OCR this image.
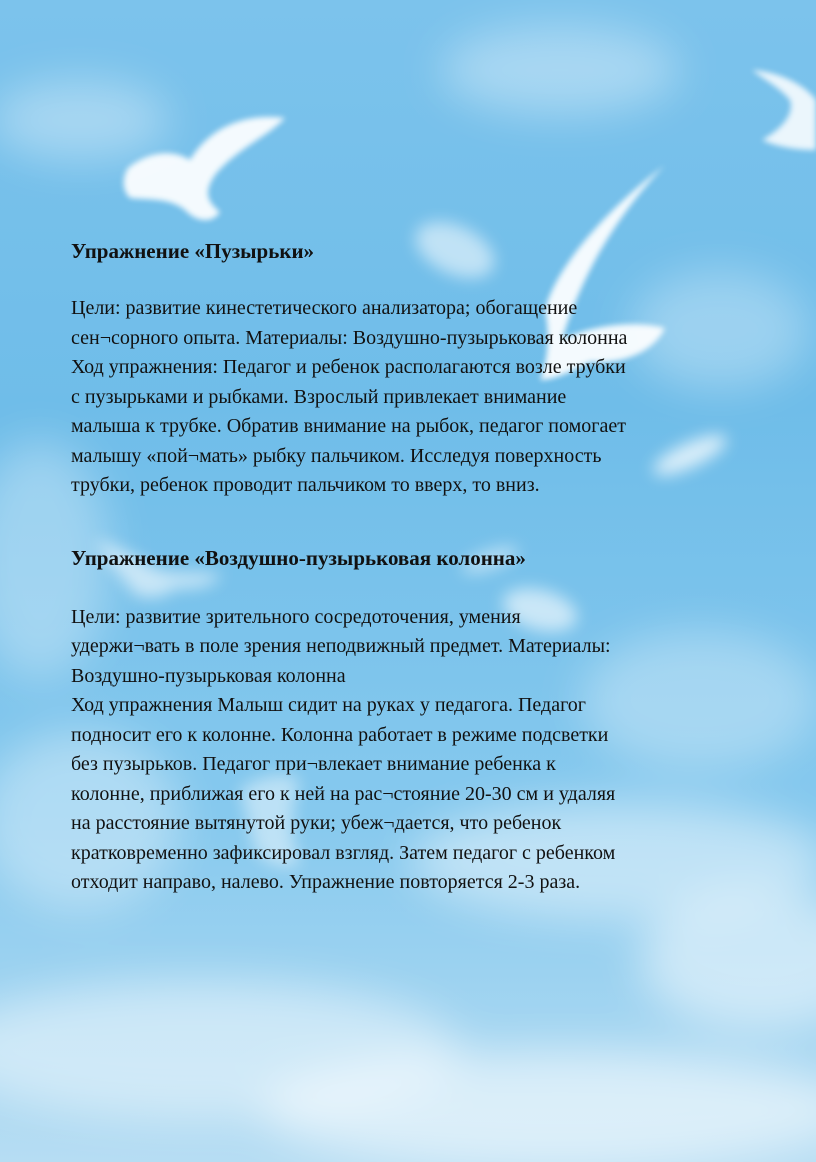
Упражнение «Пузырьки»

Цели: развитие кинестетического анализатора; обогащение сен¬сорного опыта. Материалы: Воздушно-пузырьковая колонна Ход упражнения: Педагог и ребенок располагаются возле трубки с пузырьками и рыбками. Взрослый привлекает внимание малыша к трубке. Обратив внимание на рыбок, педагог помогает малышу «пой¬мать» рыбку пальчиком. Исследуя поверхность трубки, ребенок проводит пальчиком то вверх, то вниз.

Упражнение «Воздушно-пузырьковая колонна»

Цели: развитие зрительного сосредоточения, умения удержи¬вать в поле зрения неподвижный предмет. Материалы: Воздушно-пузырьковая колонна

Ход упражнения Малыш сидит на руках у педагога. Педагог подносит его к колонне. Колонна работает в режиме подсветки без пузырьков. Педагог при¬влекает внимание ребенка к колонне, приближая его к ней на рас¬стояние 20-30 см и удаляя на расстояние вытянутой руки; убеж¬дается, что ребенок кратковременно зафиксировал взгляд. Затем педагог с ребенком отходит направо, налево. Упражнение повторяется 2-3 раза.
